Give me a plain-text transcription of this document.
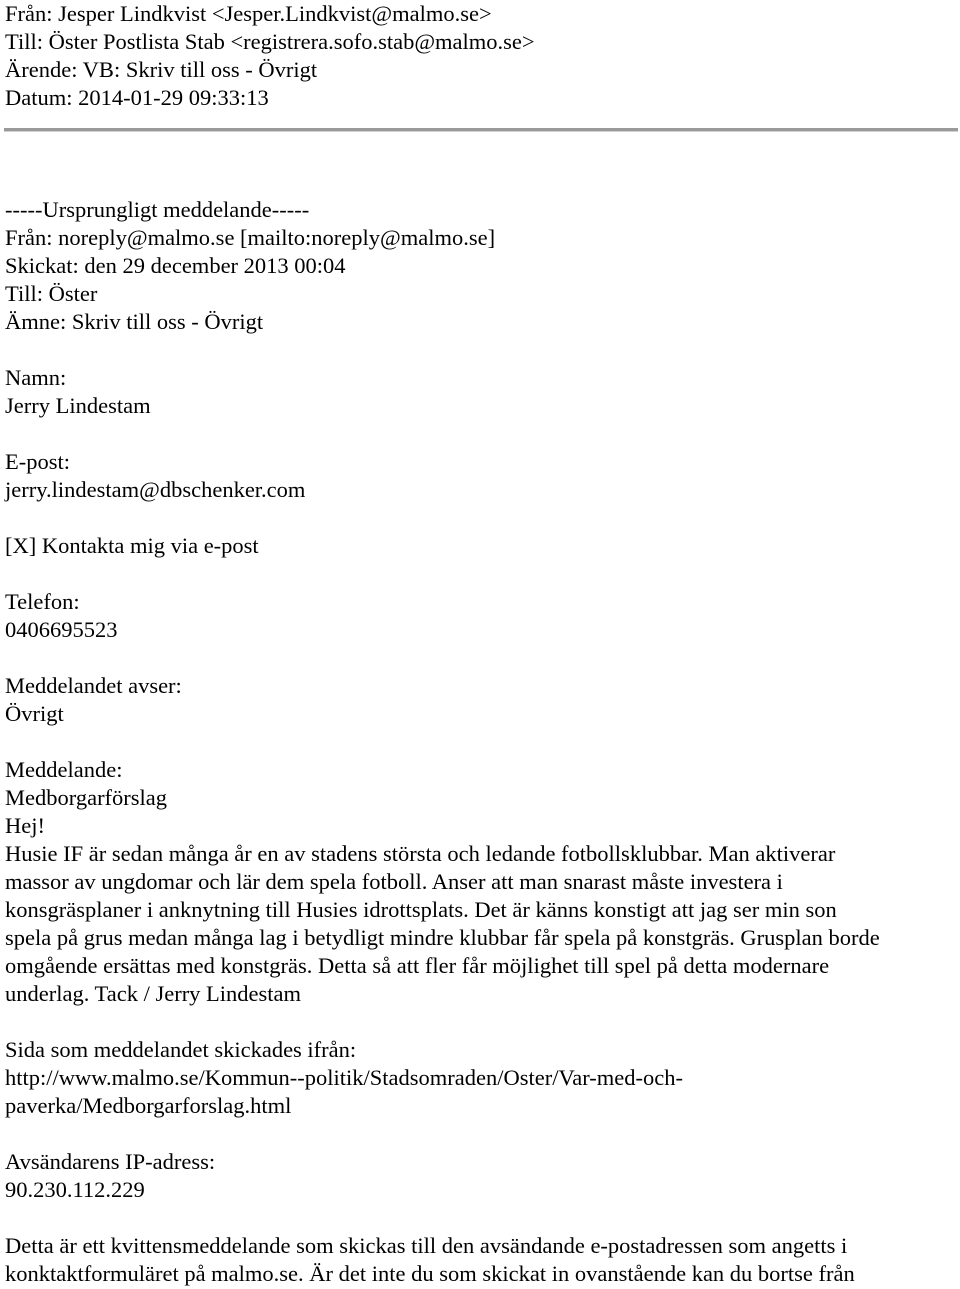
Från: Jesper Lindkvist <Jesper.Lindkvist@malmo.se>
Till: Öster Postlista Stab <registrera.sofo.stab@malmo.se>
Ärende: VB: Skriv till oss - Övrigt
Datum: 2014-01-29 09:33:13
-----Ursprungligt meddelande-----
Från: noreply@malmo.se [mailto:noreply@malmo.se]
Skickat: den 29 december 2013 00:04
Till: Öster
Ämne: Skriv till oss - Övrigt
Namn:
Jerry Lindestam
E-post:
jerry.lindestam@dbschenker.com
[X] Kontakta mig via e-post
Telefon:
0406695523
Meddelandet avser:
Övrigt
Meddelande:
Medborgarförslag
Hej!
Husie IF är sedan många år en av stadens största och ledande fotbollsklubbar. Man aktiverar
massor av ungdomar och lär dem spela fotboll. Anser att man snarast måste investera i
konsgräsplaner i anknytning till Husies idrottsplats. Det är känns konstigt att jag ser min son
spela på grus medan många lag i betydligt mindre klubbar får spela på konstgräs. Grusplan borde
omgående ersättas med konstgräs. Detta så att fler får möjlighet till spel på detta modernare
underlag. Tack / Jerry Lindestam
Sida som meddelandet skickades ifrån:
http://www.malmo.se/Kommun--politik/Stadsomraden/Oster/Var-med-och-
paverka/Medborgarforslag.html
Avsändarens IP-adress:
90.230.112.229
Detta är ett kvittensmeddelande som skickas till den avsändande e-postadressen som angetts i
konktaktformuläret på malmo.se. Är det inte du som skickat in ovanstående kan du bortse från
